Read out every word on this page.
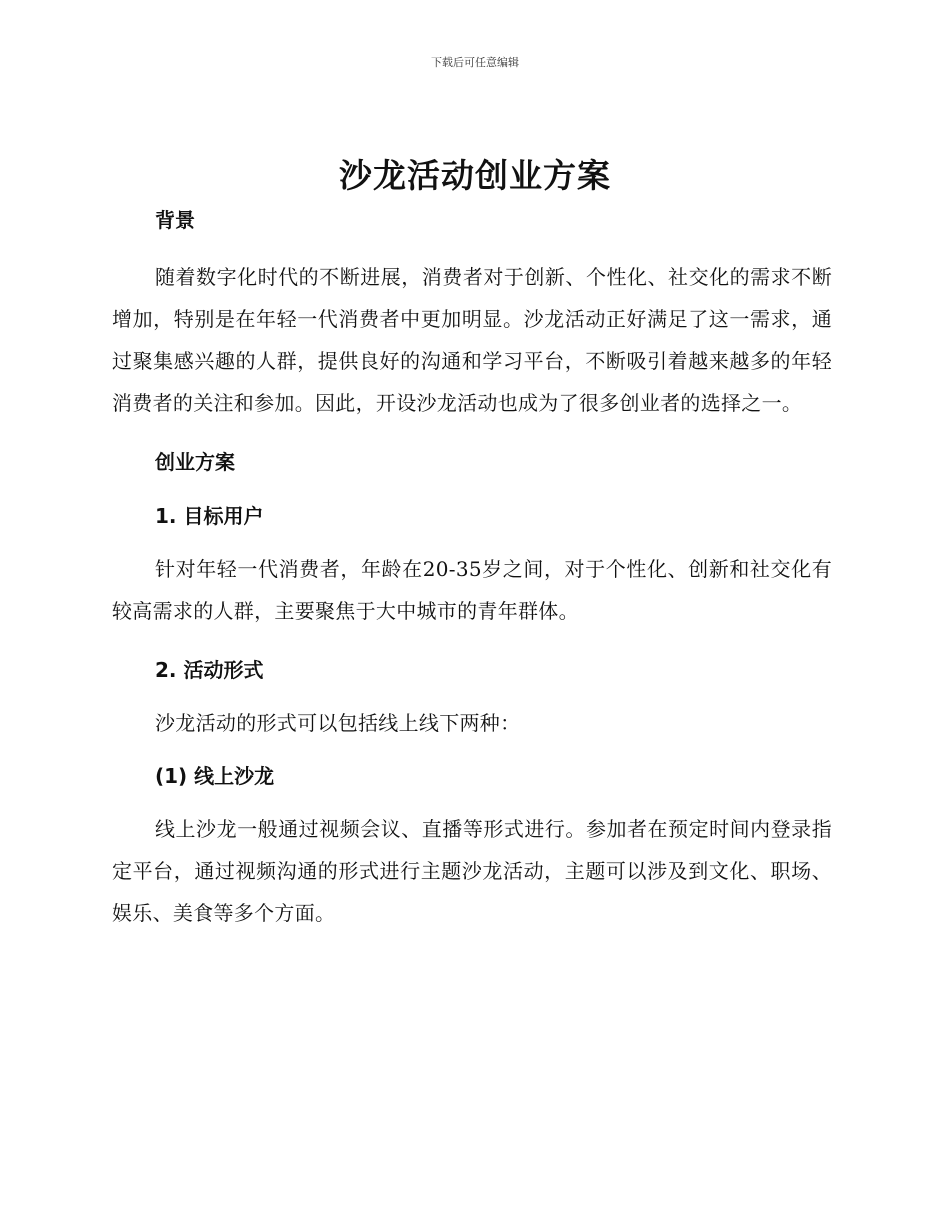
下载后可任意编辑
沙龙活动创业方案

背景

随着数字化时代的不断进展，消费者对于创新、个性化、社交化的需求不断增加，特别是在年轻一代消费者中更加明显。沙龙活动正好满足了这一需求，通过聚集感兴趣的人群，提供良好的沟通和学习平台，不断吸引着越来越多的年轻消费者的关注和参加。因此，开设沙龙活动也成为了很多创业者的选择之一。

创业方案

1. 目标用户

针对年轻一代消费者，年龄在20-35岁之间，对于个性化、创新和社交化有较高需求的人群，主要聚焦于大中城市的青年群体。

2. 活动形式

沙龙活动的形式可以包括线上线下两种：

(1) 线上沙龙

线上沙龙一般通过视频会议、直播等形式进行。参加者在预定时间内登录指定平台，通过视频沟通的形式进行主题沙龙活动，主题可以涉及到文化、职场、娱乐、美食等多个方面。
